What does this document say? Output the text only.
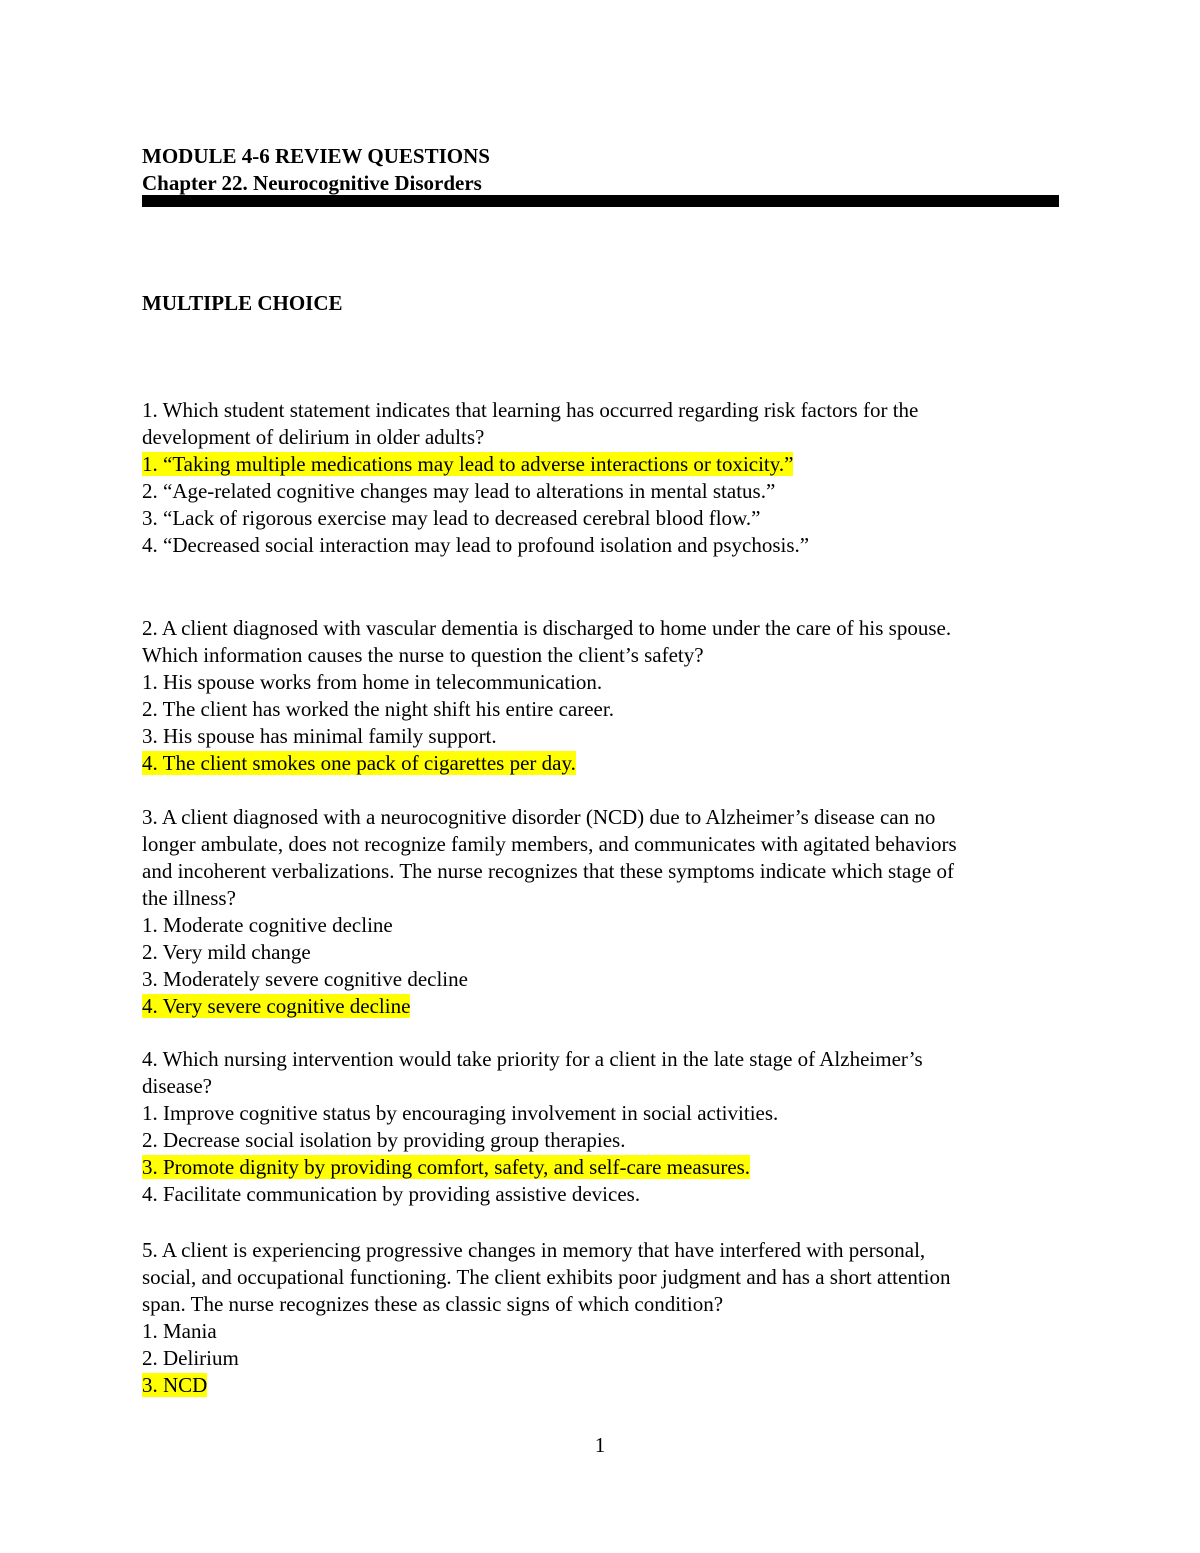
MODULE 4-6 REVIEW QUESTIONS

Chapter 22. Neurocognitive Disorders

MULTIPLE CHOICE

1. Which student statement indicates that learning has occurred regarding risk factors for the

development of delirium in older adults?

1. “Taking multiple medications may lead to adverse interactions or toxicity.”

2. “Age-related cognitive changes may lead to alterations in mental status.”

3. “Lack of rigorous exercise may lead to decreased cerebral blood flow.”

4. “Decreased social interaction may lead to profound isolation and psychosis.”

2. A client diagnosed with vascular dementia is discharged to home under the care of his spouse.

Which information causes the nurse to question the client’s safety?

1. His spouse works from home in telecommunication.

2. The client has worked the night shift his entire career.

3. His spouse has minimal family support.

4. The client smokes one pack of cigarettes per day.

3. A client diagnosed with a neurocognitive disorder (NCD) due to Alzheimer’s disease can no

longer ambulate, does not recognize family members, and communicates with agitated behaviors

and incoherent verbalizations. The nurse recognizes that these symptoms indicate which stage of

the illness?

1. Moderate cognitive decline

2. Very mild change

3. Moderately severe cognitive decline

4. Very severe cognitive decline

4. Which nursing intervention would take priority for a client in the late stage of Alzheimer’s

disease?

1. Improve cognitive status by encouraging involvement in social activities.

2. Decrease social isolation by providing group therapies.

3. Promote dignity by providing comfort, safety, and self-care measures.

4. Facilitate communication by providing assistive devices.

5. A client is experiencing progressive changes in memory that have interfered with personal,

social, and occupational functioning. The client exhibits poor judgment and has a short attention

span. The nurse recognizes these as classic signs of which condition?

1. Mania

2. Delirium

3. NCD

1
